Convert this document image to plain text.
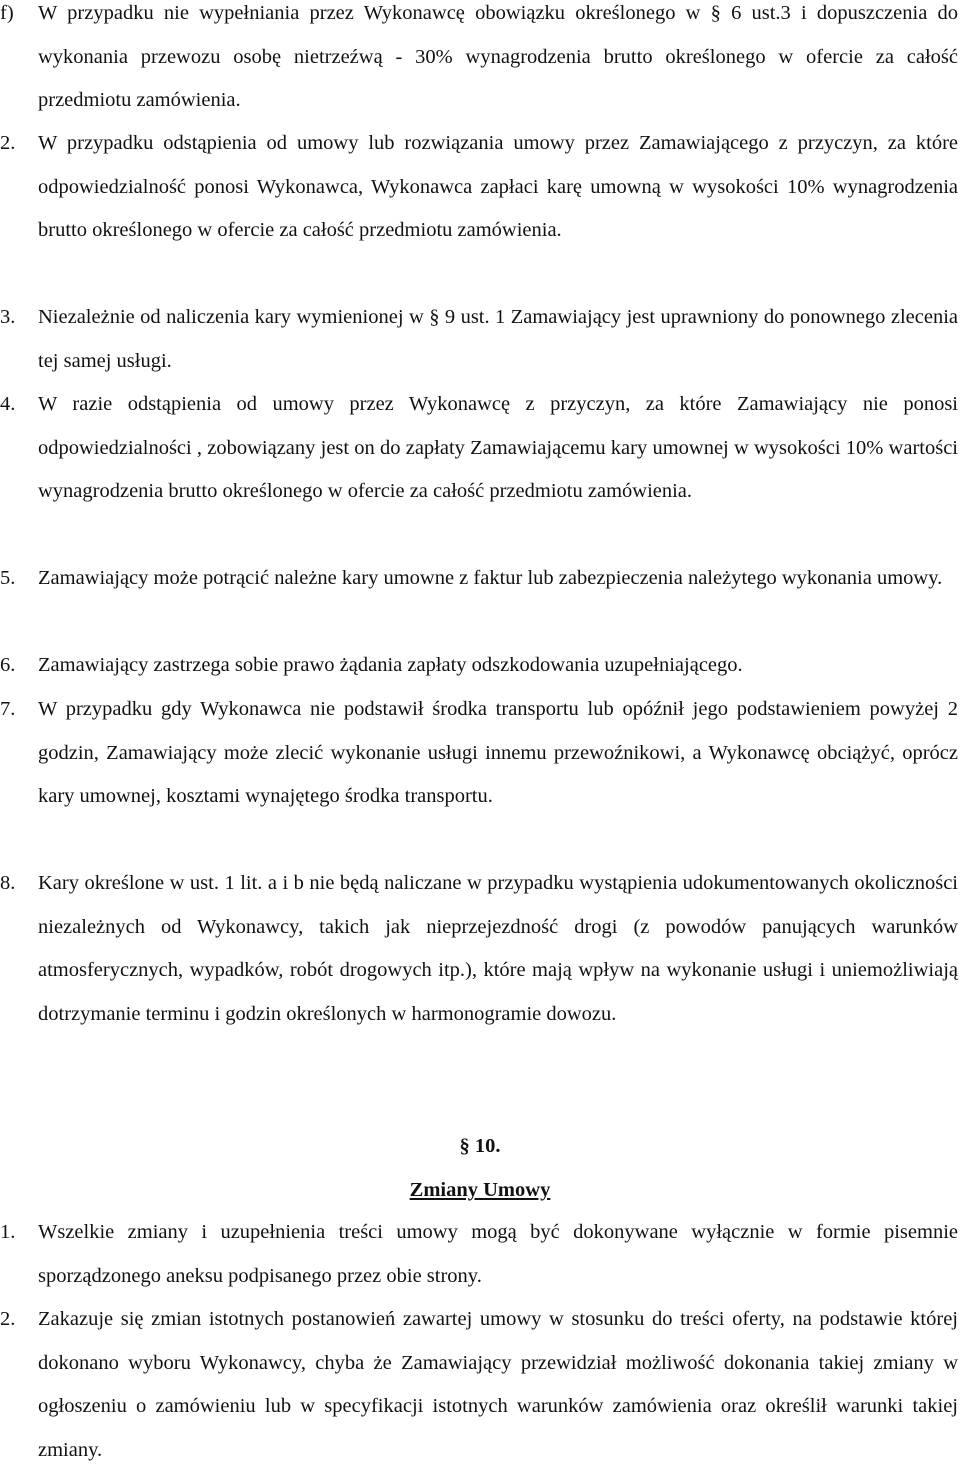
f)	W przypadku nie wypełniania przez Wykonawcę obowiązku określonego w § 6 ust.3 i dopuszczenia do wykonania przewozu osobę nietrzeźwą - 30% wynagrodzenia brutto określonego w ofercie za całość przedmiotu zamówienia.
2.	W przypadku odstąpienia od umowy lub rozwiązania umowy przez Zamawiającego z przyczyn, za które odpowiedzialność ponosi Wykonawca, Wykonawca zapłaci karę umowną w wysokości 10% wynagrodzenia brutto określonego w ofercie za całość przedmiotu zamówienia.
3.	Niezależnie od naliczenia kary wymienionej w § 9 ust. 1 Zamawiający jest uprawniony do ponownego zlecenia tej samej usługi.
4.	W razie odstąpienia od umowy przez Wykonawcę z przyczyn, za które Zamawiający nie ponosi odpowiedzialności , zobowiązany jest on do zapłaty Zamawiającemu kary umownej w wysokości 10% wartości wynagrodzenia brutto określonego w ofercie za całość przedmiotu zamówienia.
5.	Zamawiający może potrącić należne kary umowne z faktur lub zabezpieczenia należytego wykonania umowy.
6.	Zamawiający zastrzega sobie prawo żądania zapłaty odszkodowania uzupełniającego.
7.	W przypadku gdy Wykonawca nie podstawił środka transportu lub opóźnił jego podstawieniem powyżej 2 godzin, Zamawiający może zlecić wykonanie usługi innemu przewoźnikowi, a Wykonawcę obciążyć, oprócz kary umownej, kosztami wynajętego środka transportu.
8.	Kary określone w ust. 1 lit. a i b nie będą naliczane w przypadku wystąpienia udokumentowanych okoliczności niezależnych od Wykonawcy, takich jak nieprzejezdność drogi (z powodów panujących warunków atmosferycznych, wypadków, robót drogowych itp.), które mają wpływ na wykonanie usługi i uniemożliwiają dotrzymanie terminu i godzin określonych w harmonogramie dowozu.
§ 10.
Zmiany Umowy
1.	Wszelkie zmiany i uzupełnienia treści umowy mogą być dokonywane wyłącznie w formie pisemnie sporządzonego aneksu podpisanego przez obie strony.
2.	Zakazuje się zmian istotnych postanowień zawartej umowy w stosunku do treści oferty, na podstawie której dokonano wyboru Wykonawcy, chyba że Zamawiający przewidział możliwość dokonania takiej zmiany w ogłoszeniu o zamówieniu lub w specyfikacji istotnych warunków zamówienia oraz określił warunki takiej zmiany.
